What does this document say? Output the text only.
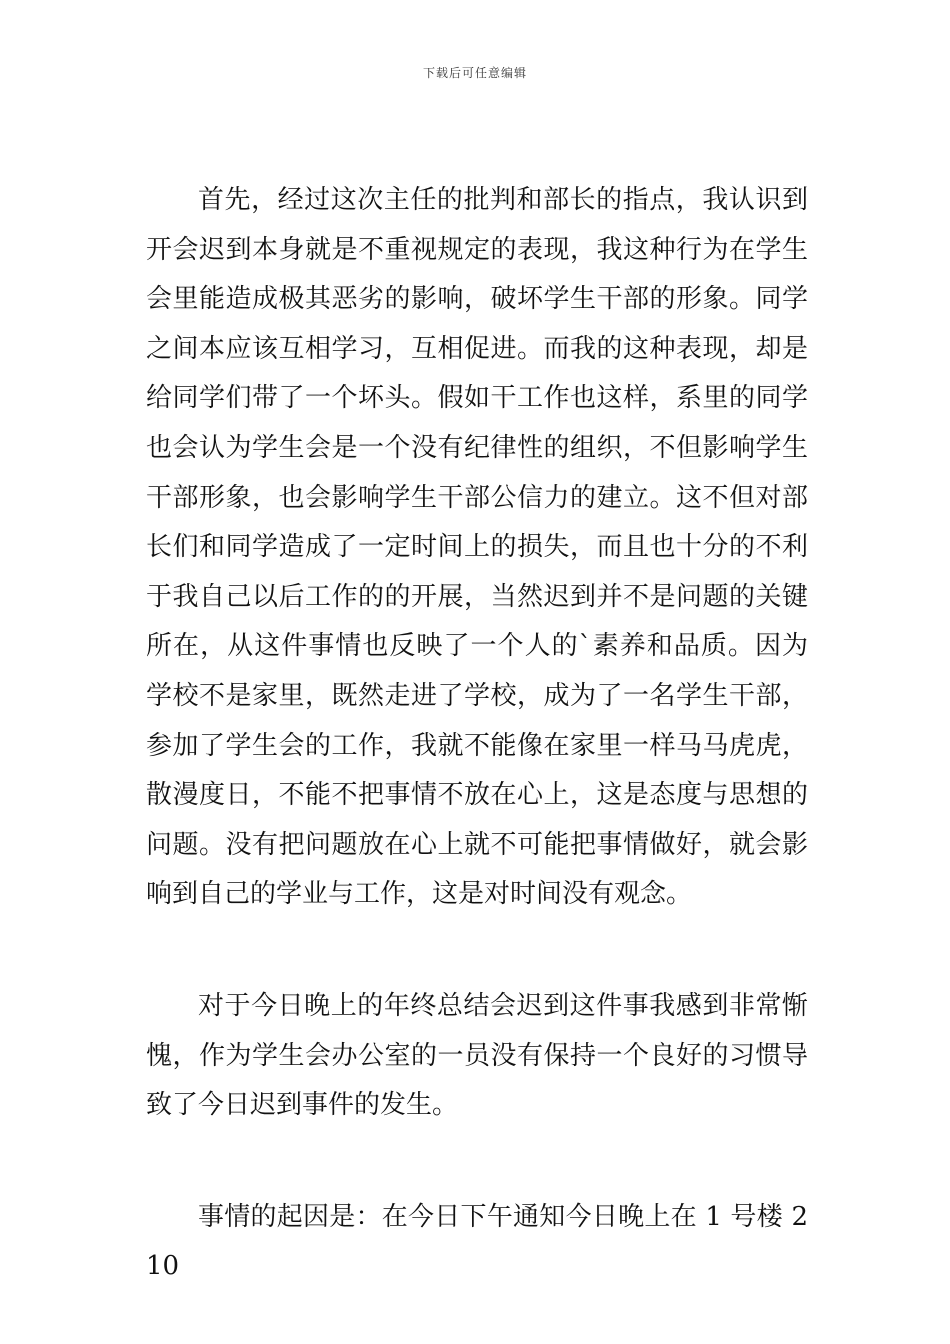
下载后可任意编辑

首先，经过这次主任的批判和部长的指点，我认识到开会迟到本身就是不重视规定的表现，我这种行为在学生会里能造成极其恶劣的影响，破坏学生干部的形象。同学之间本应该互相学习，互相促进。而我的这种表现，却是给同学们带了一个坏头。假如干工作也这样，系里的同学也会认为学生会是一个没有纪律性的组织，不但影响学生干部形象，也会影响学生干部公信力的建立。这不但对部长们和同学造成了一定时间上的损失，而且也十分的不利于我自己以后工作的的开展，当然迟到并不是问题的关键所在，从这件事情也反映了一个人的`素养和品质。因为学校不是家里，既然走进了学校，成为了一名学生干部，参加了学生会的工作，我就不能像在家里一样马马虎虎，散漫度日，不能不把事情不放在心上，这是态度与思想的问题。没有把问题放在心上就不可能把事情做好，就会影响到自己的学业与工作，这是对时间没有观念。

对于今日晚上的年终总结会迟到这件事我感到非常惭愧，作为学生会办公室的一员没有保持一个良好的习惯导致了今日迟到事件的发生。

事情的起因是：在今日下午通知今日晚上在 1 号楼 210
